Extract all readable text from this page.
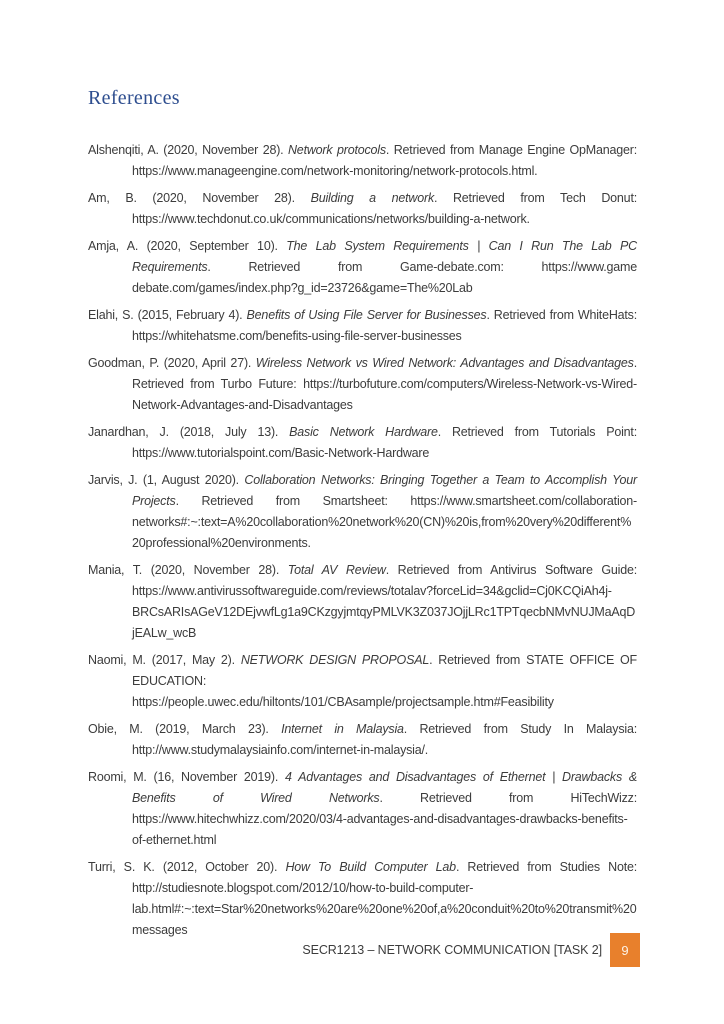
References

Alshenqiti, A. (2020, November 28). Network protocols. Retrieved from Manage Engine OpManager: https://www.manageengine.com/network-monitoring/network-protocols.html.

Am, B. (2020, November 28). Building a network. Retrieved from Tech Donut: https://www.techdonut.co.uk/communications/networks/building-a-network.

Amja, A. (2020, September 10). The Lab System Requirements | Can I Run The Lab PC Requirements. Retrieved from Game-debate.com: https://www.game debate.com/games/index.php?g_id=23726&game=The%20Lab

Elahi, S. (2015, February 4). Benefits of Using File Server for Businesses. Retrieved from WhiteHats: https://whitehatsme.com/benefits-using-file-server-businesses

Goodman, P. (2020, April 27). Wireless Network vs Wired Network: Advantages and Disadvantages. Retrieved from Turbo Future: https://turbofuture.com/computers/Wireless-Network-vs-Wired-Network-Advantages-and-Disadvantages

Janardhan, J. (2018, July 13). Basic Network Hardware. Retrieved from Tutorials Point: https://www.tutorialspoint.com/Basic-Network-Hardware

Jarvis, J. (1, August 2020). Collaboration Networks: Bringing Together a Team to Accomplish Your Projects. Retrieved from Smartsheet: https://www.smartsheet.com/collaboration-networks#:~:text=A%20collaboration%20network%20(CN)%20is,from%20very%20different%20professional%20environments.

Mania, T. (2020, November 28). Total AV Review. Retrieved from Antivirus Software Guide: https://www.antivirussoftwareguide.com/reviews/totalav?forceLid=34&gclid=Cj0KCQiAh4j-BRCsARIsAGeV12DEjvwfLg1a9CKzgyjmtqyPMLVK3Z037JOjjLRc1TPTqecbNMvNUJMaAqDjEALw_wcB

Naomi, M. (2017, May 2). NETWORK DESIGN PROPOSAL. Retrieved from STATE OFFICE OF EDUCATION:
https://people.uwec.edu/hiltonts/101/CBAsample/projectsample.htm#Feasibility

Obie, M. (2019, March 23). Internet in Malaysia. Retrieved from Study In Malaysia: http://www.studymalaysiainfo.com/internet-in-malaysia/.

Roomi, M. (16, November 2019). 4 Advantages and Disadvantages of Ethernet | Drawbacks & Benefits of Wired Networks. Retrieved from HiTechWizz: https://www.hitechwhizz.com/2020/03/4-advantages-and-disadvantages-drawbacks-benefits-of-ethernet.html

Turri, S. K. (2012, October 20). How To Build Computer Lab. Retrieved from Studies Note: http://studiesnote.blogspot.com/2012/10/how-to-build-computer-lab.html#:~:text=Star%20networks%20are%20one%20of,a%20conduit%20to%20transmit%20messages

SECR1213 – NETWORK COMMUNICATION [TASK 2] 9
